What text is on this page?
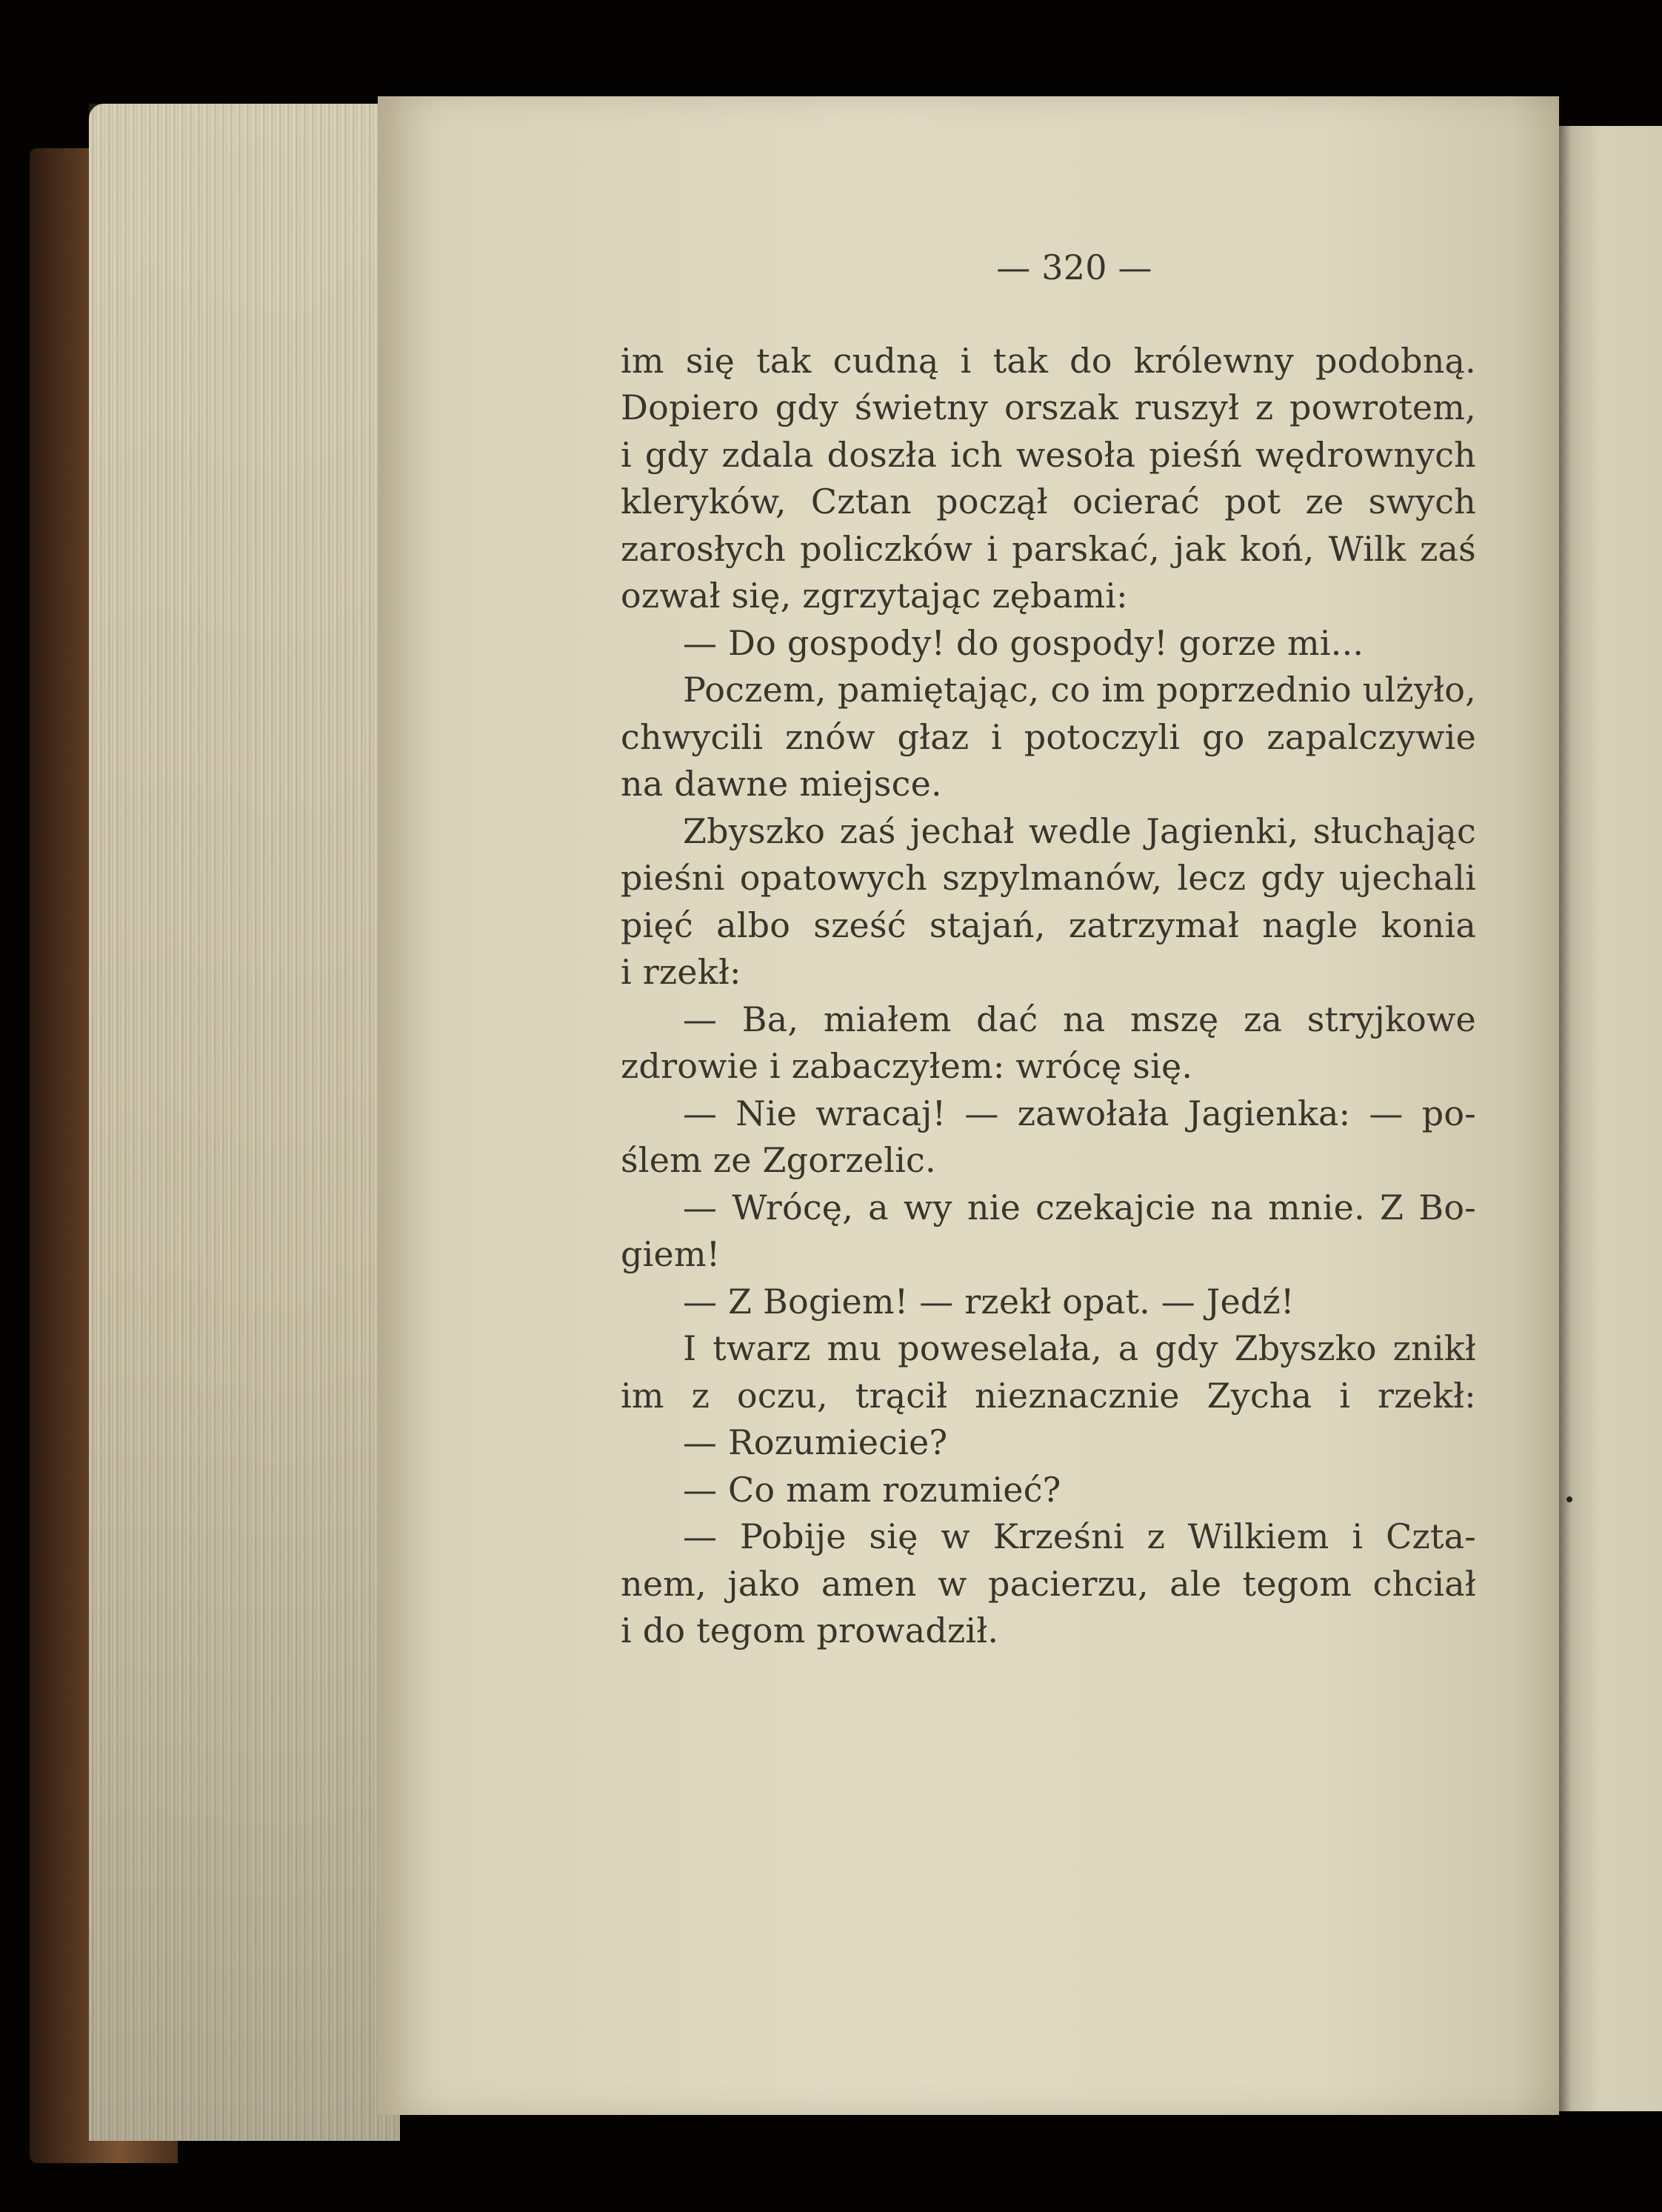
— 320 —
im się tak cudną i tak do królewny podobną.
Dopiero gdy świetny orszak ruszył z powrotem,
i gdy zdala doszła ich wesoła pieśń wędrownych
kleryków, Cztan począł ocierać pot ze swych
zarosłych policzków i parskać, jak koń, Wilk zaś
ozwał się, zgrzytając zębami:
— Do gospody! do gospody! gorze mi...
Poczem, pamiętając, co im poprzednio ulżyło,
chwycili znów głaz i potoczyli go zapalczywie
na dawne miejsce.
Zbyszko zaś jechał wedle Jagienki, słuchając
pieśni opatowych szpylmanów, lecz gdy ujechali
pięć albo sześć stajań, zatrzymał nagle konia
i rzekł:
— Ba, miałem dać na mszę za stryjkowe
zdrowie i zabaczyłem: wrócę się.
— Nie wracaj! — zawołała Jagienka: — po-
ślem ze Zgorzelic.
— Wrócę, a wy nie czekajcie na mnie. Z Bo-
giem!
— Z Bogiem! — rzekł opat. — Jedź!
I twarz mu poweselała, a gdy Zbyszko znikł
im z oczu, trącił nieznacznie Zycha i rzekł:
— Rozumiecie?
— Co mam rozumieć?
— Pobije się w Krześni z Wilkiem i Czta-
nem, jako amen w pacierzu, ale tegom chciał
i do tegom prowadził.
